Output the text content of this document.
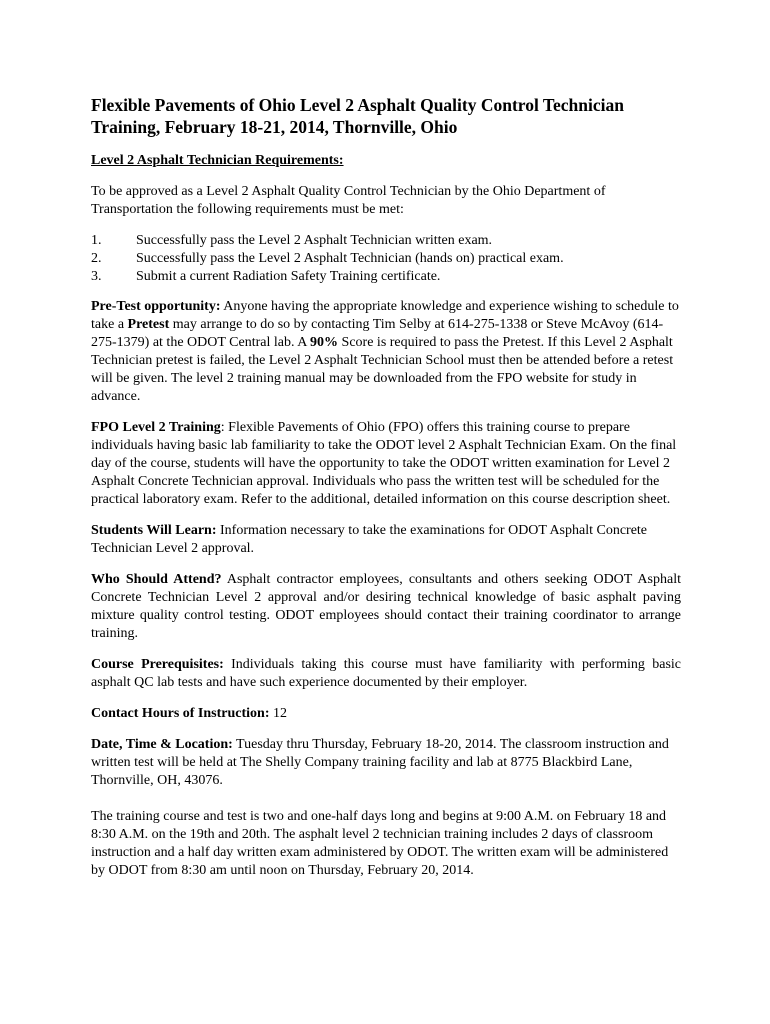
Flexible Pavements of Ohio Level 2 Asphalt Quality Control Technician Training, February 18-21, 2014, Thornville, Ohio
Level 2 Asphalt Technician Requirements:

To be approved as a Level 2 Asphalt Quality Control Technician by the Ohio Department of Transportation the following requirements must be met:

1.	Successfully pass the Level 2 Asphalt Technician written exam.
2.	Successfully pass the Level 2 Asphalt Technician (hands on) practical exam.
3.	Submit a current Radiation Safety Training certificate.

Pre-Test opportunity: Anyone having the appropriate knowledge and experience wishing to schedule to take a Pretest may arrange to do so by contacting Tim Selby at 614-275-1338 or Steve McAvoy (614-275-1379) at the ODOT Central lab. A 90% Score is required to pass the Pretest. If this Level 2 Asphalt Technician pretest is failed, the Level 2 Asphalt Technician School must then be attended before a retest will be given. The level 2 training manual may be downloaded from the FPO website for study in advance.

FPO Level 2 Training: Flexible Pavements of Ohio (FPO) offers this training course to prepare individuals having basic lab familiarity to take the ODOT level 2 Asphalt Technician Exam. On the final day of the course, students will have the opportunity to take the ODOT written examination for Level 2 Asphalt Concrete Technician approval. Individuals who pass the written test will be scheduled for the practical laboratory exam. Refer to the additional, detailed information on this course description sheet.

Students Will Learn: Information necessary to take the examinations for ODOT Asphalt Concrete Technician Level 2 approval.

Who Should Attend? Asphalt contractor employees, consultants and others seeking ODOT Asphalt Concrete Technician Level 2 approval and/or desiring technical knowledge of basic asphalt paving mixture quality control testing. ODOT employees should contact their training coordinator to arrange training.

Course Prerequisites: Individuals taking this course must have familiarity with performing basic asphalt QC lab tests and have such experience documented by their employer.

Contact Hours of Instruction: 12

Date, Time & Location: Tuesday thru Thursday, February 18-20, 2014. The classroom instruction and written test will be held at The Shelly Company training facility and lab at 8775 Blackbird Lane, Thornville, OH, 43076.

The training course and test is two and one-half days long and begins at 9:00 A.M. on February 18 and 8:30 A.M. on the 19th and 20th. The asphalt level 2 technician training includes 2 days of classroom instruction and a half day written exam administered by ODOT. The written exam will be administered by ODOT from 8:30 am until noon on Thursday, February 20, 2014.
